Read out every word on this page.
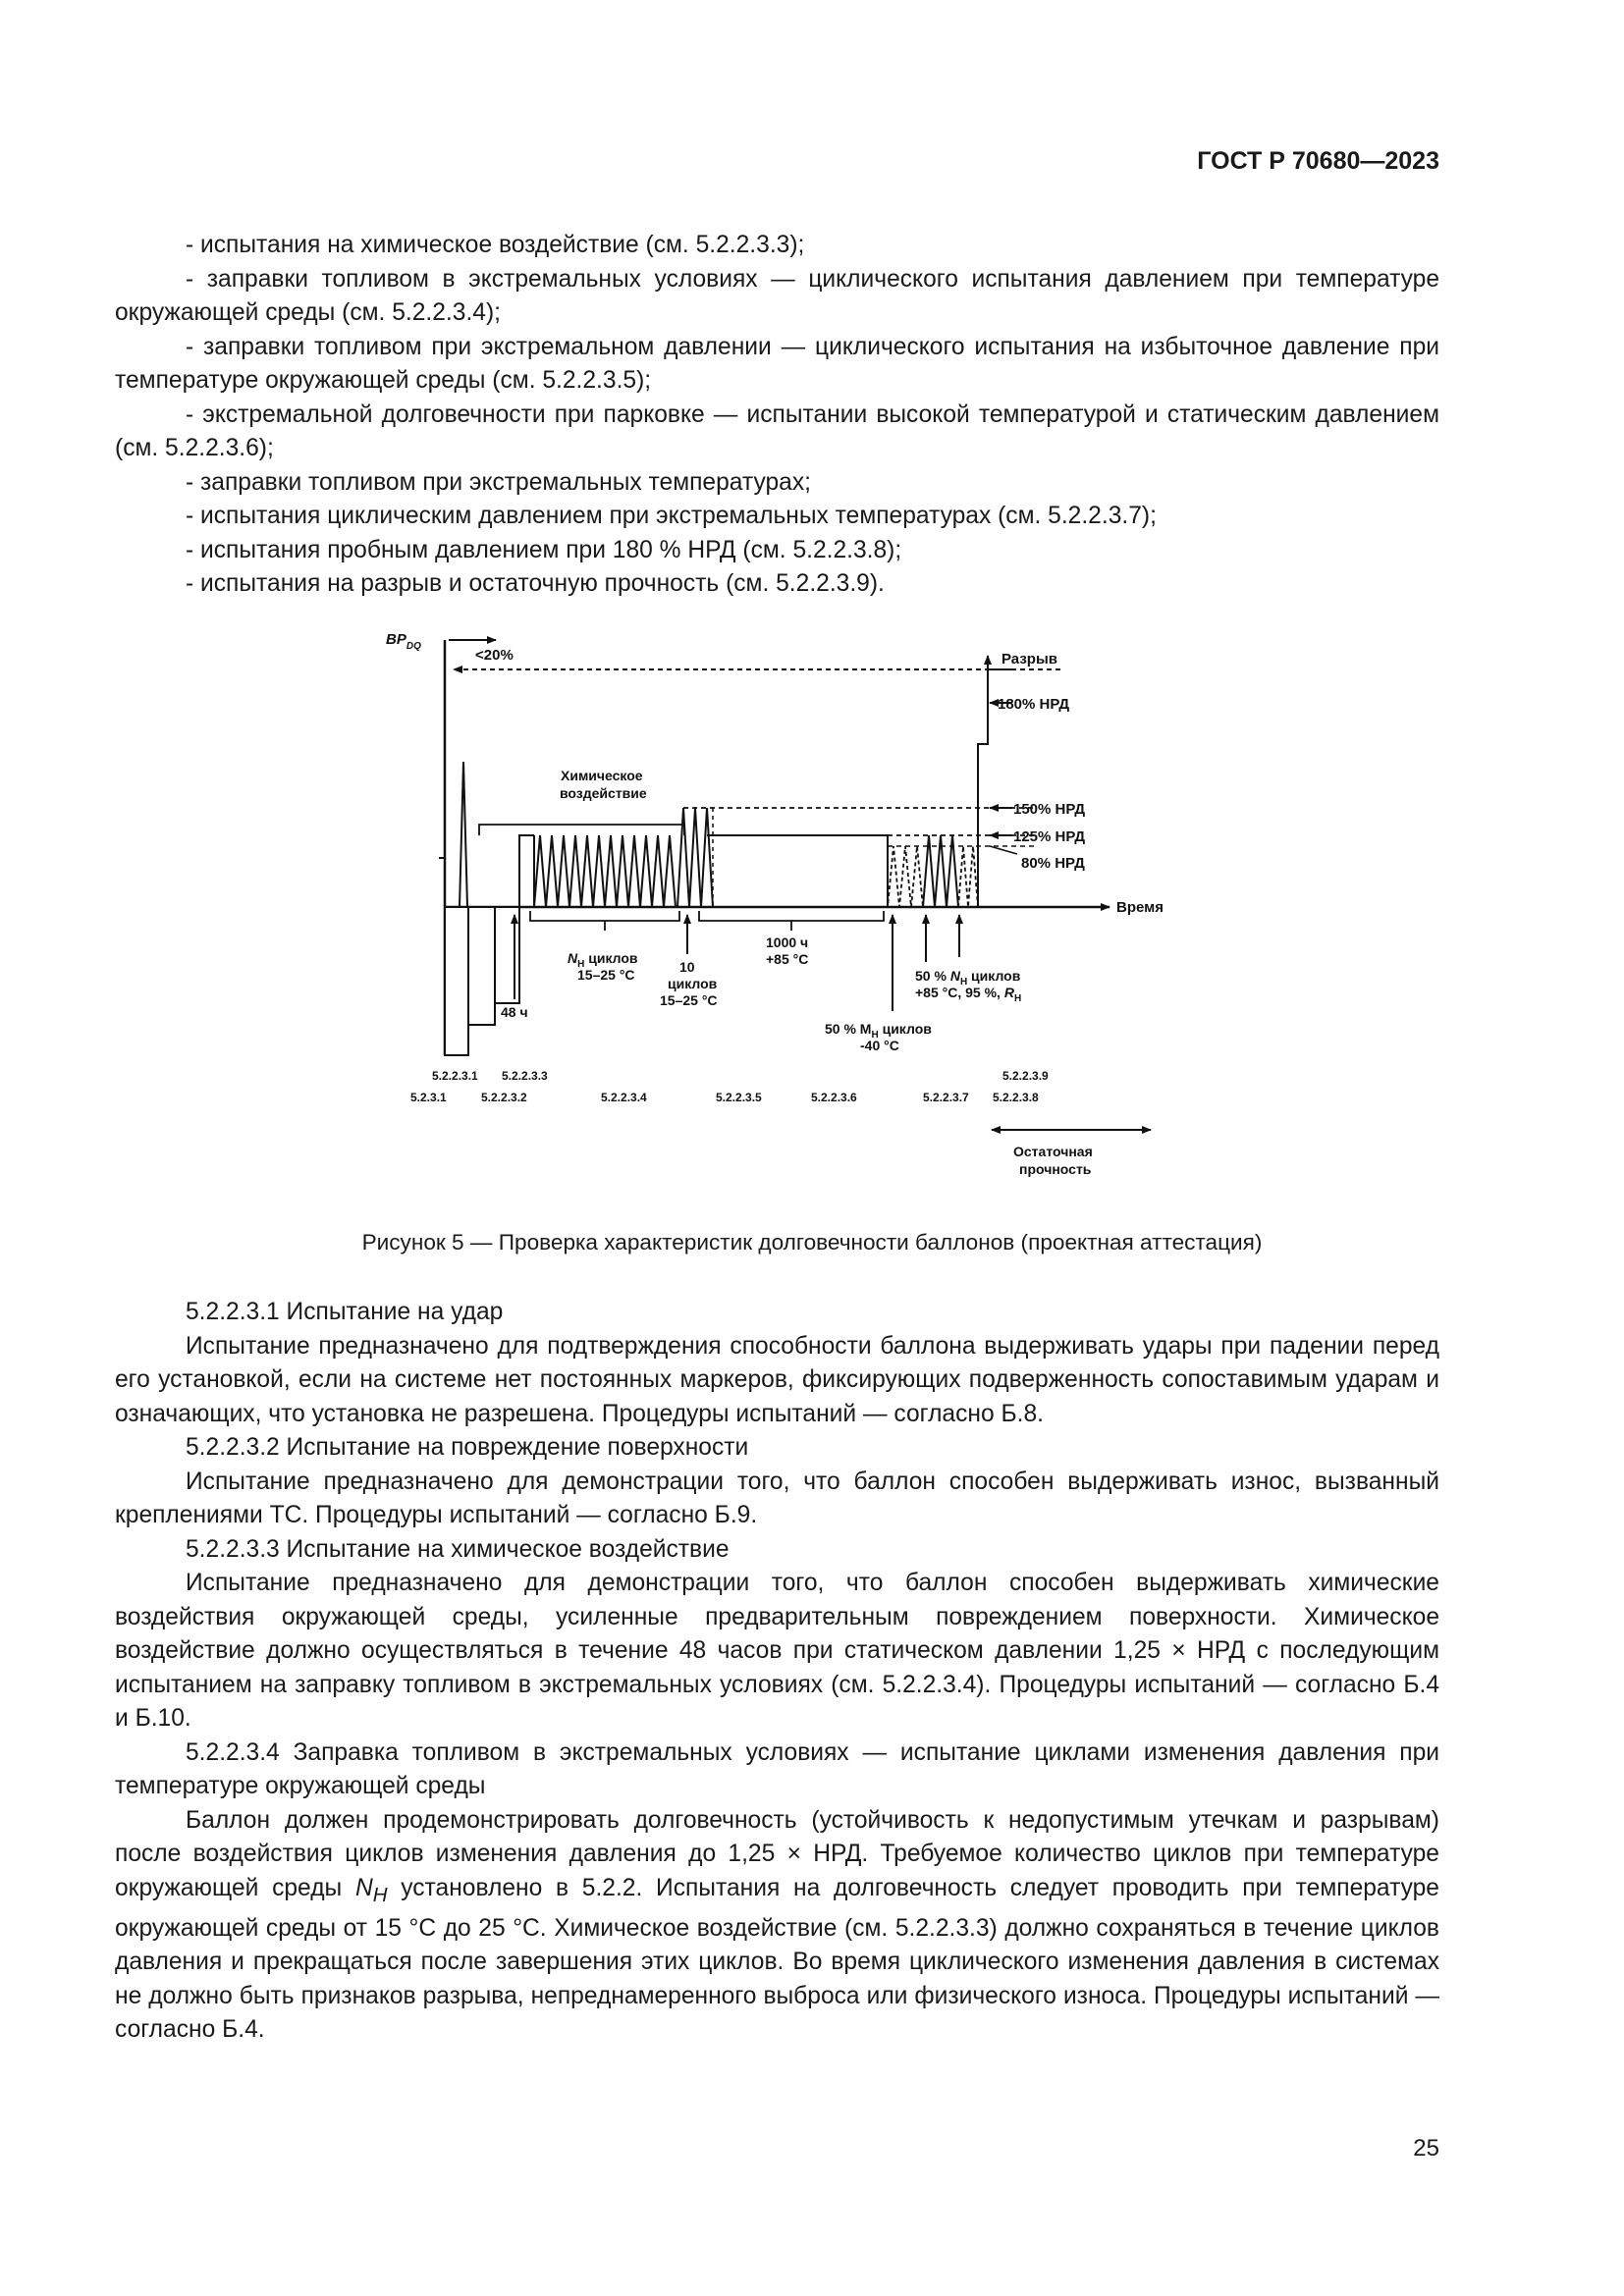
ГОСТ Р 70680—2023

- испытания на химическое воздействие (см. 5.2.2.3.3);

- заправки топливом в экстремальных условиях — циклического испытания давлением при температуре окружающей среды (см. 5.2.2.3.4);

- заправки топливом при экстремальном давлении — циклического испытания на избыточное давление при температуре окружающей среды (см. 5.2.2.3.5);

- экстремальной долговечности при парковке — испытании высокой температурой и статическим давлением (см. 5.2.2.3.6);

- заправки топливом при экстремальных температурах;

- испытания циклическим давлением при экстремальных температурах (см. 5.2.2.3.7);

- испытания пробным давлением при 180 % НРД (см. 5.2.2.3.8);

- испытания на разрыв и остаточную прочность (см. 5.2.2.3.9).

$BP_{DQ}$
<20%
Химическое
воздействие
Разрыв
180% НРД
150% НРД
125% НРД
80% НРД
Время
48 ч
$N_H$ циклов
15–25 °С	10
циклов
15–25 °С
1000 ч
+85 °С
50 % $N_H$ циклов
+85 °С, 95 %, $R_H$
50 % $М_Н$ циклов
-40 °С
5.2.2.3.1 5.2.2.3.3	5.2.2.3.9
5.2.3.1	5.2.2.3.2	5.2.2.3.4	5.2.2.3.5	5.2.2.3.6	5.2.2.3.7 5.2.2.3.8
Остаточная
прочность
Рисунок 5 — Проверка характеристик долговечности баллонов (проектная аттестация)

5.2.2.3.1 Испытание на удар

Испытание предназначено для подтверждения способности баллона выдерживать удары при падении перед его установкой, если на системе нет постоянных маркеров, фиксирующих подверженность сопоставимым ударам и означающих, что установка не разрешена. Процедуры испытаний — согласно Б.8.

5.2.2.3.2 Испытание на повреждение поверхности

Испытание предназначено для демонстрации того, что баллон способен выдерживать износ, вызванный креплениями ТС. Процедуры испытаний — согласно Б.9.

5.2.2.3.3 Испытание на химическое воздействие

Испытание предназначено для демонстрации того, что баллон способен выдерживать химические воздействия окружающей среды, усиленные предварительным повреждением поверхности. Химическое воздействие должно осуществляться в течение 48 часов при статическом давлении 1,25 × НРД с последующим испытанием на заправку топливом в экстремальных условиях (см. 5.2.2.3.4). Процедуры испытаний — согласно Б.4 и Б.10.

5.2.2.3.4 Заправка топливом в экстремальных условиях — испытание циклами изменения давления при температуре окружающей среды

Баллон должен продемонстрировать долговечность (устойчивость к недопустимым утечкам и разрывам) после воздействия циклов изменения давления до 1,25 × НРД. Требуемое количество циклов при температуре окружающей среды $N_H$ установлено в 5.2.2. Испытания на долговечность следует проводить при температуре окружающей среды от 15 °С до 25 °С. Химическое воздействие (см. 5.2.2.3.3) должно сохраняться в течение циклов давления и прекращаться после завершения этих циклов. Во время циклического изменения давления в системах не должно быть признаков разрыва, непреднамеренного выброса или физического износа. Процедуры испытаний — согласно Б.4.

25
